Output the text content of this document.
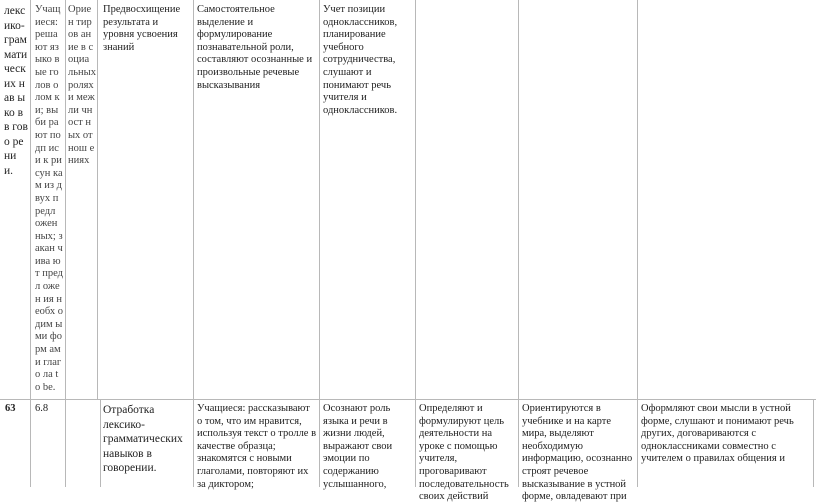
лекс ико-грам мати ческ их нав ыко в в гово рени и.
Учащ иеся: реша ют языко вые голов олом ки; выби рают подп иси к рисун кам из двух предл ожен ных; закан чива ют предл ожен ия необх одим ыми форм ами глаго ла to be.
Ориен тиров ание в социа льных ролях и межли чност ных отнош ениях
Предвосхищение результата и уровня усвоения знаний
Самостоятельное выделение и формулирование познавательной роли, составляют осознанные и произвольные речевые высказывания
Учет позиции одноклассников, планирование учебного сотрудничества, слушают и понимают речь учителя и одноклассников.
63	6.8	Отработка лексико-грамматических навыков в говорении.
Учащиеся: рассказывают о том, что им нравится, используя текст о тролле в качестве образца; знакомятся с новыми глаголами, повторяют их за диктором;
Осознают роль языка и речи в жизни людей, выражают свои эмоции по содержанию услышанного,
Определяют и формулируют цель деятельности на уроке с помощью учителя, проговаривают последовательность своих действий
Ориентируются в учебнике и на карте мира, выделяют необходимую информацию, осознанно строят речевое высказывание в устной форме, овладевают при
Оформляют свои мысли в устной форме, слушают и понимают речь других, договариваются с одноклассниками совместно с учителем о правилах общения и
